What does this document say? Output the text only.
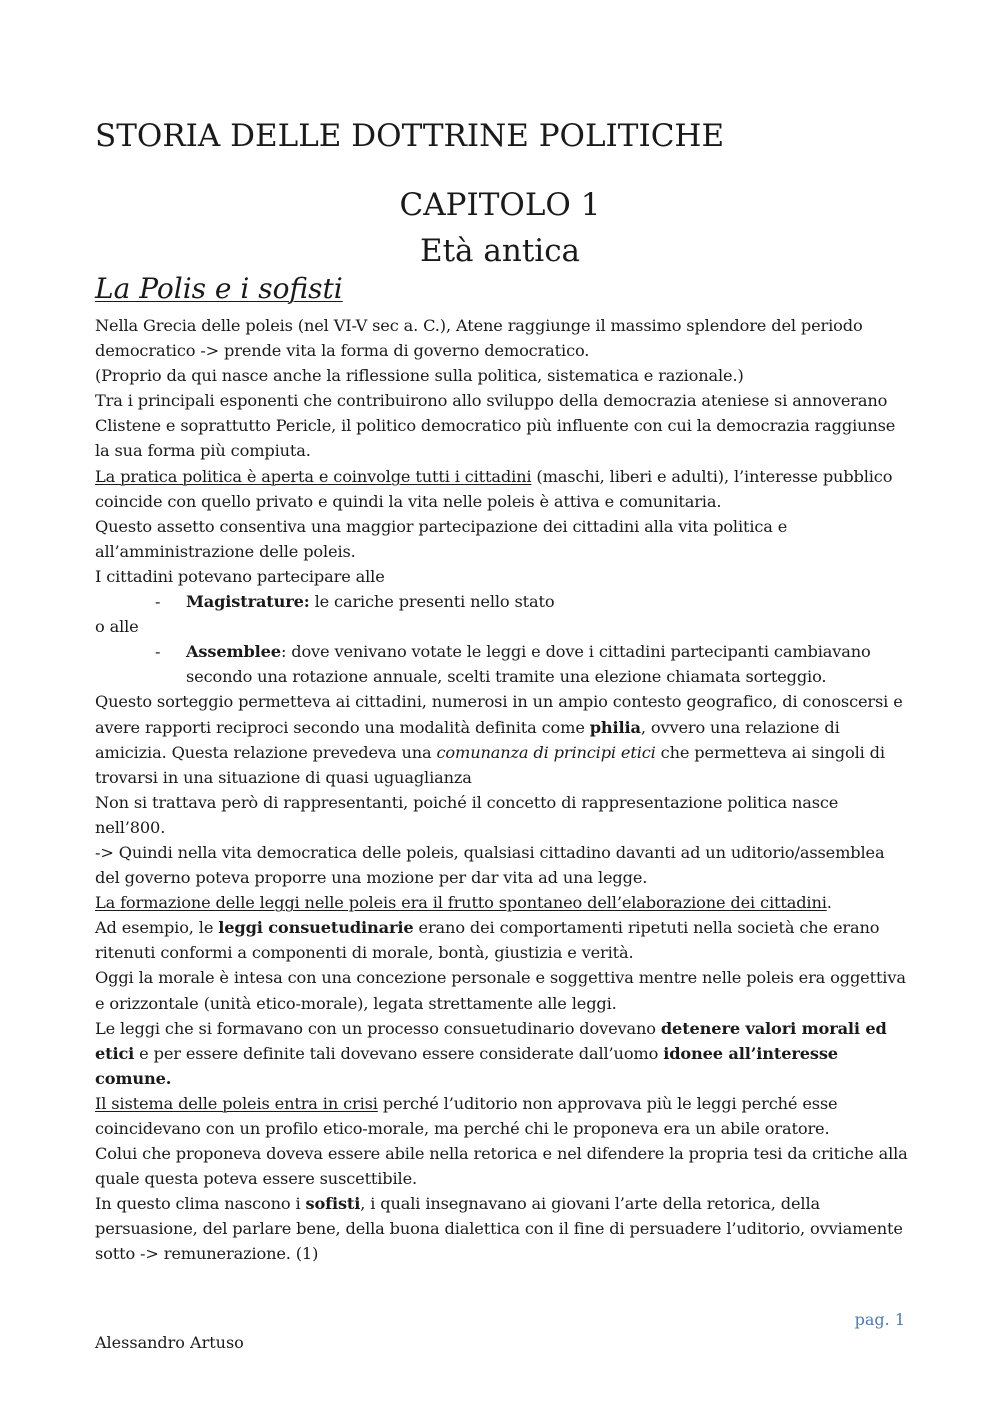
STORIA DELLE DOTTRINE POLITICHE
CAPITOLO 1
Età antica
La Polis e i sofisti

Nella Grecia delle poleis (nel VI-V sec a. C.), Atene raggiunge il massimo splendore del periodo democratico -> prende vita la forma di governo democratico.

(Proprio da qui nasce anche la riflessione sulla politica, sistematica e razionale.)

Tra i principali esponenti che contribuirono allo sviluppo della democrazia ateniese si annoverano Clistene e soprattutto Pericle, il politico democratico più influente con cui la democrazia raggiunse la sua forma più compiuta.

La pratica politica è aperta e coinvolge tutti i cittadini (maschi, liberi e adulti), l’interesse pubblico coincide con quello privato e quindi la vita nelle poleis è attiva e comunitaria.

Questo assetto consentiva una maggior partecipazione dei cittadini alla vita politica e all’amministrazione delle poleis.

I cittadini potevano partecipare alle

-	Magistrature: le cariche presenti nello stato

o alle

-	Assemblee: dove venivano votate le leggi e dove i cittadini partecipanti cambiavano secondo una rotazione annuale, scelti tramite una elezione chiamata sorteggio.

Questo sorteggio permetteva ai cittadini, numerosi in un ampio contesto geografico, di conoscersi e avere rapporti reciproci secondo una modalità definita come philia, ovvero una relazione di amicizia. Questa relazione prevedeva una comunanza di principi etici che permetteva ai singoli di trovarsi in una situazione di quasi uguaglianza

Non si trattava però di rappresentanti, poiché il concetto di rappresentazione politica nasce nell’800.

-> Quindi nella vita democratica delle poleis, qualsiasi cittadino davanti ad un uditorio/assemblea del governo poteva proporre una mozione per dar vita ad una legge.

La formazione delle leggi nelle poleis era il frutto spontaneo dell’elaborazione dei cittadini.

Ad esempio, le leggi consuetudinarie erano dei comportamenti ripetuti nella società che erano ritenuti conformi a componenti di morale, bontà, giustizia e verità.

Oggi la morale è intesa con una concezione personale e soggettiva mentre nelle poleis era oggettiva e orizzontale (unità etico-morale), legata strettamente alle leggi.

Le leggi che si formavano con un processo consuetudinario dovevano detenere valori morali ed etici e per essere definite tali dovevano essere considerate dall’uomo idonee all’interesse comune.

Il sistema delle poleis entra in crisi perché l’uditorio non approvava più le leggi perché esse coincidevano con un profilo etico-morale, ma perché chi le proponeva era un abile oratore.

Colui che proponeva doveva essere abile nella retorica e nel difendere la propria tesi da critiche alla quale questa poteva essere suscettibile.

In questo clima nascono i sofisti, i quali insegnavano ai giovani l’arte della retorica, della persuasione, del parlare bene, della buona dialettica con il fine di persuadere l’uditorio, ovviamente sotto -> remunerazione. (1)

pag. 1
Alessandro Artuso
